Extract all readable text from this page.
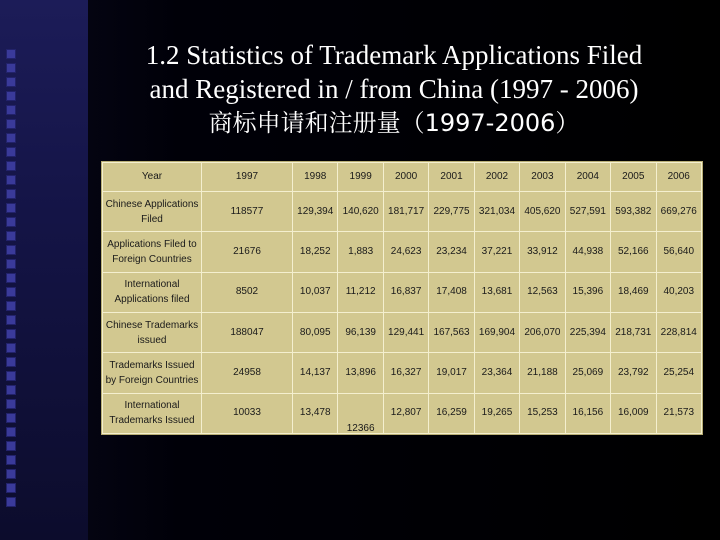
1.2 Statistics of Trademark Applications Filed
and Registered in / from China (1997 - 2006)
商标申请和注册量（1997-2006）
Year	1997	1998	1999	2000	2001	2002	2003	2004	2005	2006
Chinese Applications Filed	118577	129,394	140,620	181,717	229,775	321,034	405,620	527,591	593,382	669,276
Applications Filed to Foreign Countries	21676	18,252	1,883	24,623	23,234	37,221	33,912	44,938	52,166	56,640
International Applications filed	8502	10,037	11,212	16,837	17,408	13,681	12,563	15,396	18,469	40,203
Chinese Trademarks issued	188047	80,095	96,139	129,441	167,563	169,904	206,070	225,394	218,731	228,814
Trademarks Issued by Foreign Countries	24958	14,137	13,896	16,327	19,017	23,364	21,188	25,069	23,792	25,254
International Trademarks Issued	10033	13,478	12366	12,807	16,259	19,265	15,253	16,156	16,009	21,573
